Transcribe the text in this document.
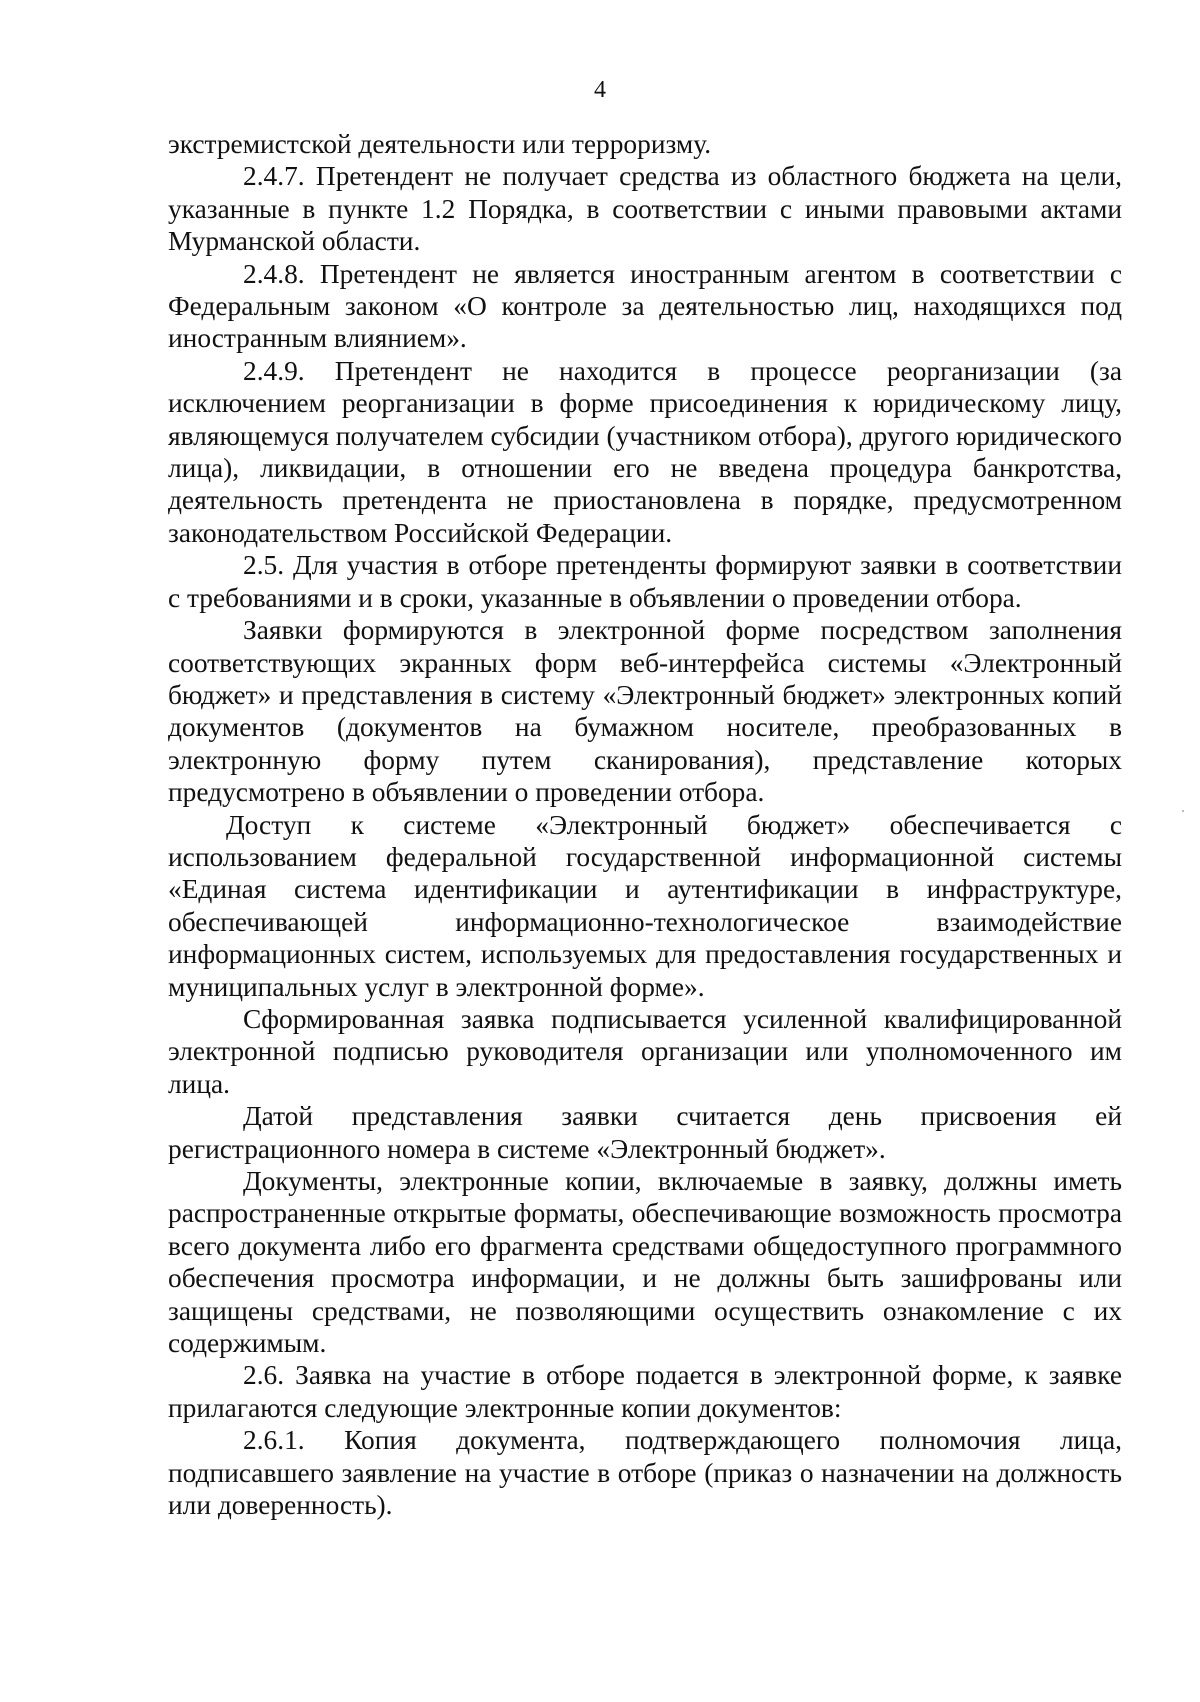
4

экстремистской деятельности или терроризму.

2.4.7. Претендент не получает средства из областного бюджета на цели, указанные в пункте 1.2 Порядка, в соответствии с иными правовыми актами Мурманской области.

2.4.8. Претендент не является иностранным агентом в соответствии с Федеральным законом «О контроле за деятельностью лиц, находящихся под иностранным влиянием».

2.4.9. Претендент не находится в процессе реорганизации (за исключением реорганизации в форме присоединения к юридическому лицу, являющемуся получателем субсидии (участником отбора), другого юридического лица), ликвидации, в отношении его не введена процедура банкротства, деятельность претендента не приостановлена в порядке, предусмотренном законодательством Российской Федерации.

2.5. Для участия в отборе претенденты формируют заявки в соответствии с требованиями и в сроки, указанные в объявлении о проведении отбора.

Заявки формируются в электронной форме посредством заполнения соответствующих экранных форм веб-интерфейса системы «Электронный бюджет» и представления в систему «Электронный бюджет» электронных копий документов (документов на бумажном носителе, преобразованных в электронную форму путем сканирования), представление которых предусмотрено в объявлении о проведении отбора.

Доступ к системе «Электронный бюджет» обеспечивается с использованием федеральной государственной информационной системы «Единая система идентификации и аутентификации в инфраструктуре, обеспечивающей информационно-технологическое взаимодействие информационных систем, используемых для предоставления государственных и муниципальных услуг в электронной форме».

Сформированная заявка подписывается усиленной квалифицированной электронной подписью руководителя организации или уполномоченного им лица.

Датой представления заявки считается день присвоения ей регистрационного номера в системе «Электронный бюджет».

Документы, электронные копии, включаемые в заявку, должны иметь распространенные открытые форматы, обеспечивающие возможность просмотра всего документа либо его фрагмента средствами общедоступного программного обеспечения просмотра информации, и не должны быть зашифрованы или защищены средствами, не позволяющими осуществить ознакомление с их содержимым.

2.6. Заявка на участие в отборе подается в электронной форме, к заявке прилагаются следующие электронные копии документов:

2.6.1. Копия документа, подтверждающего полномочия лица, подписавшего заявление на участие в отборе (приказ о назначении на должность или доверенность).
